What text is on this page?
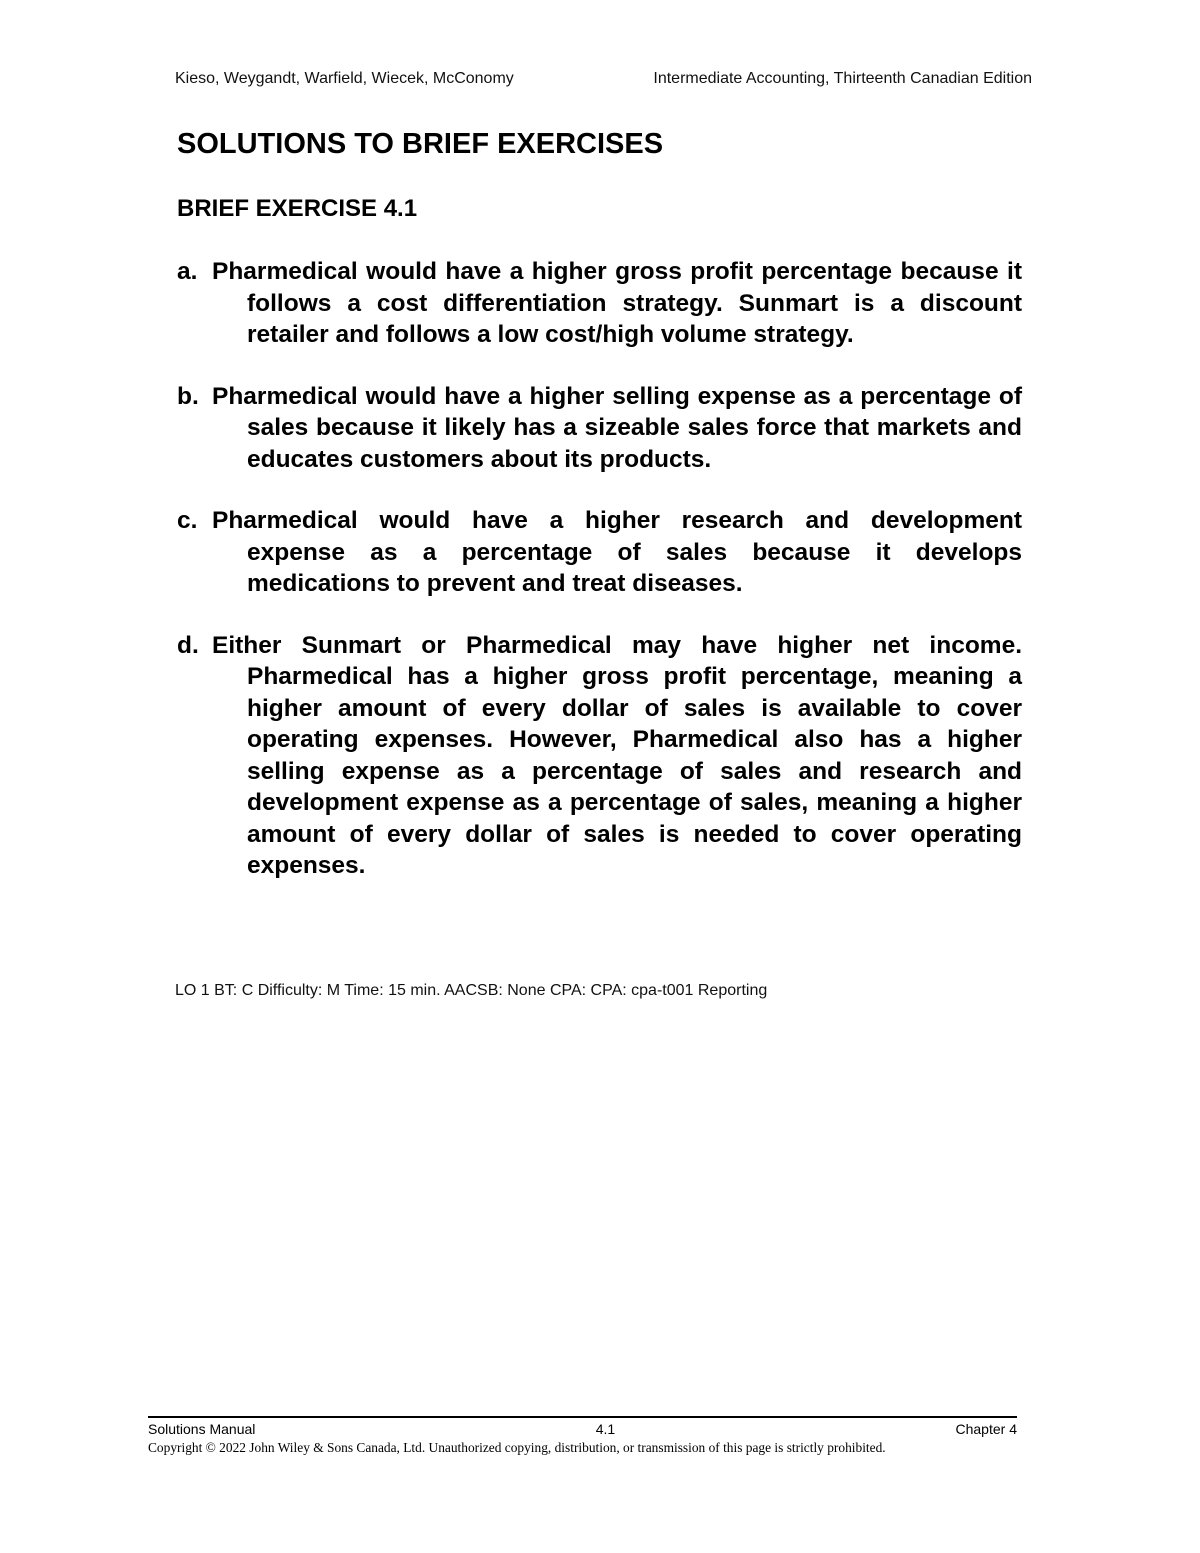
Kieso, Weygandt, Warfield, Wiecek, McConomy	Intermediate Accounting, Thirteenth Canadian Edition
SOLUTIONS TO BRIEF EXERCISES
BRIEF EXERCISE 4.1

a. Pharmedical would have a higher gross profit percentage because it follows a cost differentiation strategy. Sunmart is a discount retailer and follows a low cost/high volume strategy.

b. Pharmedical would have a higher selling expense as a percentage of sales because it likely has a sizeable sales force that markets and educates customers about its products.

c. Pharmedical would have a higher research and development expense as a percentage of sales because it develops medications to prevent and treat diseases.

d. Either Sunmart or Pharmedical may have higher net income. Pharmedical has a higher gross profit percentage, meaning a higher amount of every dollar of sales is available to cover operating expenses. However, Pharmedical also has a higher selling expense as a percentage of sales and research and development expense as a percentage of sales, meaning a higher amount of every dollar of sales is needed to cover operating expenses.

LO 1 BT: C Difficulty: M Time: 15 min. AACSB: None CPA: CPA: cpa-t001 Reporting
Solutions Manual	4.1	Chapter 4
Copyright © 2022 John Wiley & Sons Canada, Ltd. Unauthorized copying, distribution, or transmission of this page is strictly prohibited.
